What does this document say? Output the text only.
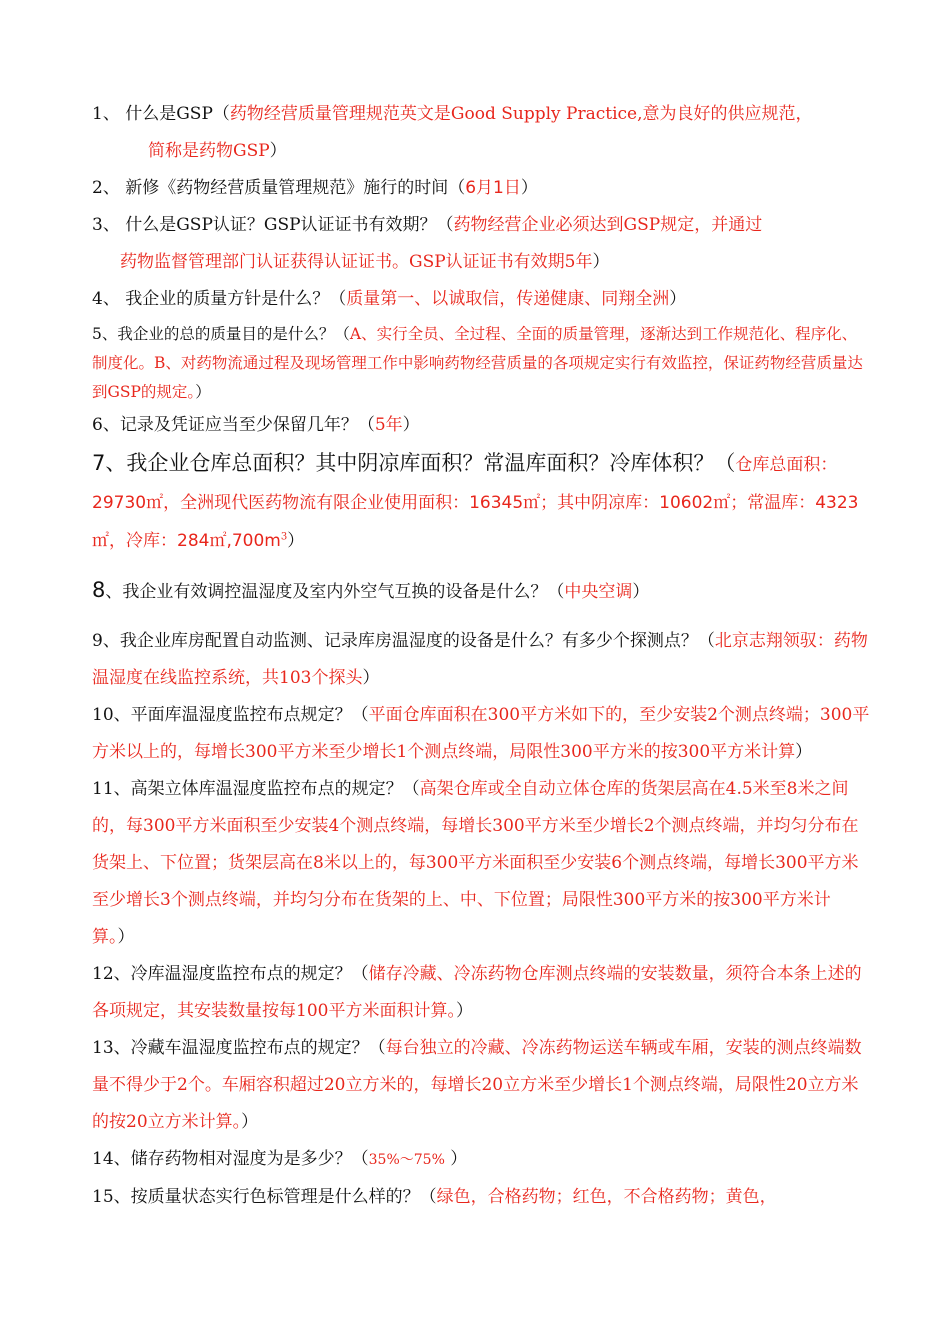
1、 什么是GSP（药物经营质量管理规范英文是Good Supply Practice,意为良好的供应规范，
简称是药物GSP）

2、 新修《药物经营质量管理规范》施行的时间（6月1日）

3、 什么是GSP认证？GSP认证证书有效期？（药物经营企业必须达到GSP规定，并通过
药物监督管理部门认证获得认证证书。GSP认证证书有效期5年）

4、 我企业的质量方针是什么？（质量第一、以诚取信，传递健康、同翔全洲）

5、我企业的总的质量目的是什么？（A、实行全员、全过程、全面的质量管理，逐渐达到工作规范化、程序化、制度化。B、对药物流通过程及现场管理工作中影响药物经营质量的各项规定实行有效监控，保证药物经营质量达到GSP的规定。）

6、记录及凭证应当至少保留几年？（5年）

7、我企业仓库总面积？其中阴凉库面积？常温库面积？冷库体积？（仓库总面积：29730㎡，全洲现代医药物流有限企业使用面积：16345㎡；其中阴凉库：10602㎡；常温库：4323㎡，冷库：$284㎡,700m^3$）

8、我企业有效调控温湿度及室内外空气互换的设备是什么？（中央空调）

9、我企业库房配置自动监测、记录库房温湿度的设备是什么？有多少个探测点？（北京志翔领驭：药物温湿度在线监控系统，共103个探头）

10、平面库温湿度监控布点规定？（平面仓库面积在300平方米如下的，至少安装2个测点终端；300平方米以上的，每增长300平方米至少增长1个测点终端，局限性300平方米的按300平方米计算）

11、高架立体库温湿度监控布点的规定？（高架仓库或全自动立体仓库的货架层高在4.5米至8米之间的，每300平方米面积至少安装4个测点终端，每增长300平方米至少增长2个测点终端，并均匀分布在货架上、下位置；货架层高在8米以上的，每300平方米面积至少安装6个测点终端，每增长300平方米至少增长3个测点终端，并均匀分布在货架的上、中、下位置；局限性300平方米的按300平方米计算。）

12、冷库温湿度监控布点的规定？（储存冷藏、冷冻药物仓库测点终端的安装数量，须符合本条上述的各项规定，其安装数量按每100平方米面积计算。）

13、冷藏车温湿度监控布点的规定？（每台独立的冷藏、冷冻药物运送车辆或车厢，安装的测点终端数量不得少于2个。车厢容积超过20立方米的，每增长20立方米至少增长1个测点终端，局限性20立方米的按20立方米计算。）

14、储存药物相对湿度为是多少？（35%～75% ）

15、按质量状态实行色标管理是什么样的？（绿色，合格药物；红色，不合格药物；黄色，
